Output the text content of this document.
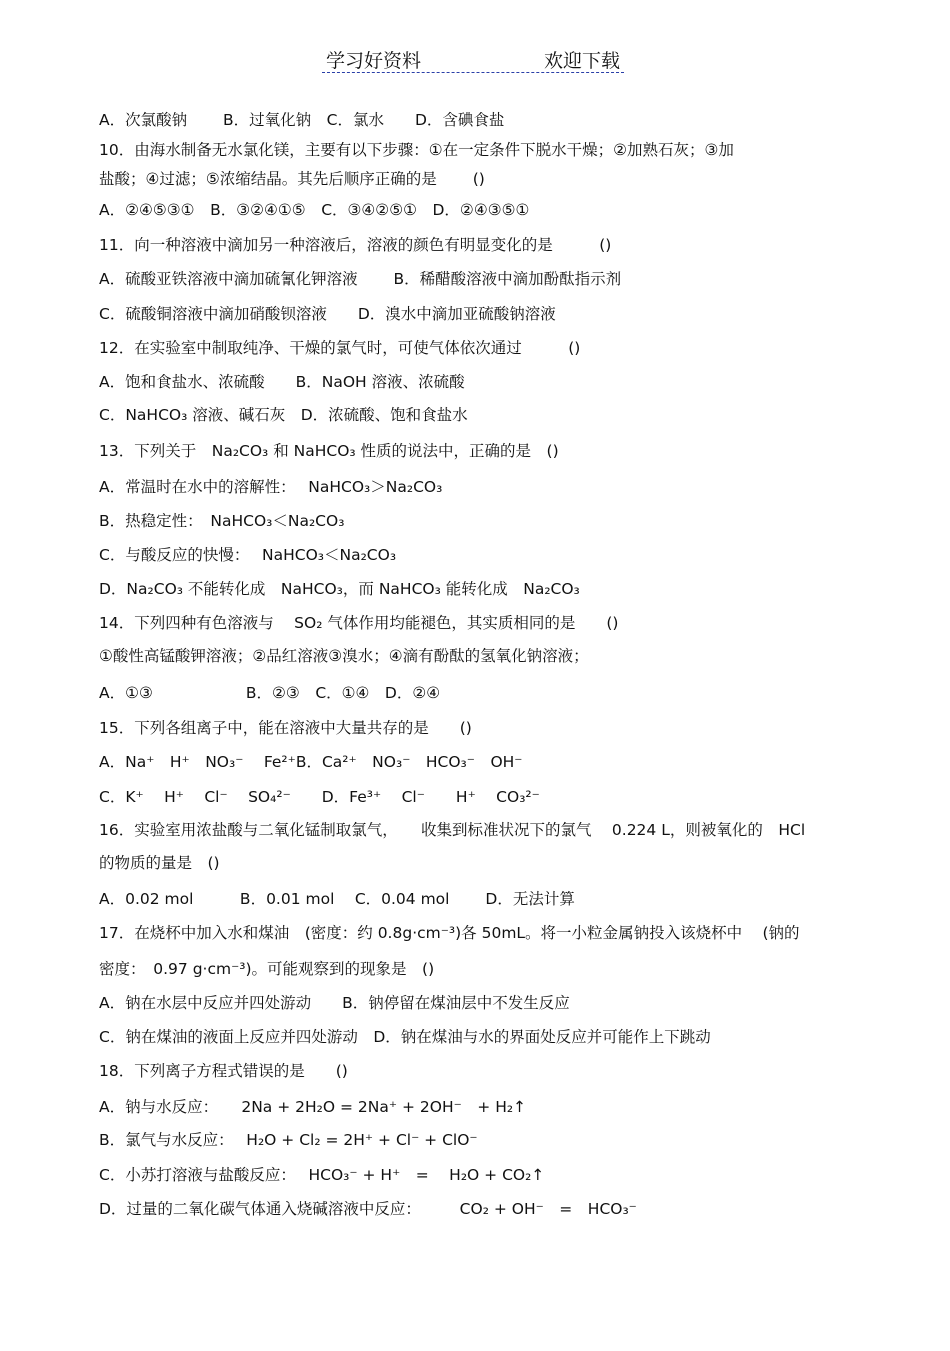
学习好资料	欢迎下载
A．次氯酸钠　　 B．过氧化钠　C．氯水　　D．含碘食盐
10．由海水制备无水氯化镁，主要有以下步骤：①在一定条件下脱水干燥；②加熟石灰；③加
盐酸；④过滤；⑤浓缩结晶。其先后顺序正确的是　　 ()
A．②④⑤③①　B．③②④①⑤　C．③④②⑤①　D．②④③⑤①
11．向一种溶液中滴加另一种溶液后，溶液的颜色有明显变化的是　　　()
A．硫酸亚铁溶液中滴加硫氰化钾溶液　　 B．稀醋酸溶液中滴加酚酞指示剂
C．硫酸铜溶液中滴加硝酸钡溶液　　D．溴水中滴加亚硫酸钠溶液
12．在实验室中制取纯净、干燥的氯气时，可使气体依次通过　　　()
A．饱和食盐水、浓硫酸　　B．NaOH 溶液、浓硫酸
C．NaHCO₃ 溶液、碱石灰　D．浓硫酸、饱和食盐水
13．下列关于　Na₂CO₃ 和 NaHCO₃ 性质的说法中，正确的是　()
A．常温时在水中的溶解性：　 NaHCO₃＞Na₂CO₃
B．热稳定性：　NaHCO₃＜Na₂CO₃
C．与酸反应的快慢：　 NaHCO₃＜Na₂CO₃
D．Na₂CO₃ 不能转化成　NaHCO₃，而 NaHCO₃ 能转化成　Na₂CO₃
14．下列四种有色溶液与　 SO₂ 气体作用均能褪色，其实质相同的是　　()
①酸性高锰酸钾溶液；②品红溶液③溴水；④滴有酚酞的氢氧化钠溶液；
A．①③　　　　　　B．②③　C．①④　D．②④
15．下列各组离子中，能在溶液中大量共存的是　　()
A．Na⁺　H⁺　NO₃⁻　 Fe²⁺B．Ca²⁺　NO₃⁻　HCO₃⁻　OH⁻
C．K⁺　 H⁺　 Cl⁻　 SO₄²⁻　　D．Fe³⁺　 Cl⁻　　H⁺　 CO₃²⁻
16．实验室用浓盐酸与二氧化锰制取氯气，　　收集到标准状况下的氯气　 0.224 L，则被氧化的　HCl
的物质的量是　()
A．0.02 mol　　　B．0.01 mol　 C．0.04 mol　　 D．无法计算
17．在烧杯中加入水和煤油　(密度：约 0.8g·cm⁻³)各 50mL。将一小粒金属钠投入该烧杯中　 (钠的
密度：　0.97 g·cm⁻³)。可能观察到的现象是　()
A．钠在水层中反应并四处游动　　B．钠停留在煤油层中不发生反应
C．钠在煤油的液面上反应并四处游动　D．钠在煤油与水的界面处反应并可能作上下跳动
18．下列离子方程式错误的是　　()
A．钠与水反应：　　2Na + 2H₂O = 2Na⁺ + 2OH⁻　+ H₂↑
B．氯气与水反应：　 H₂O + Cl₂ = 2H⁺ + Cl⁻ + ClO⁻
C．小苏打溶液与盐酸反应：　 HCO₃⁻ + H⁺　=　 H₂O + CO₂↑
D．过量的二氧化碳气体通入烧碱溶液中反应：　　　CO₂ + OH⁻　=　HCO₃⁻
